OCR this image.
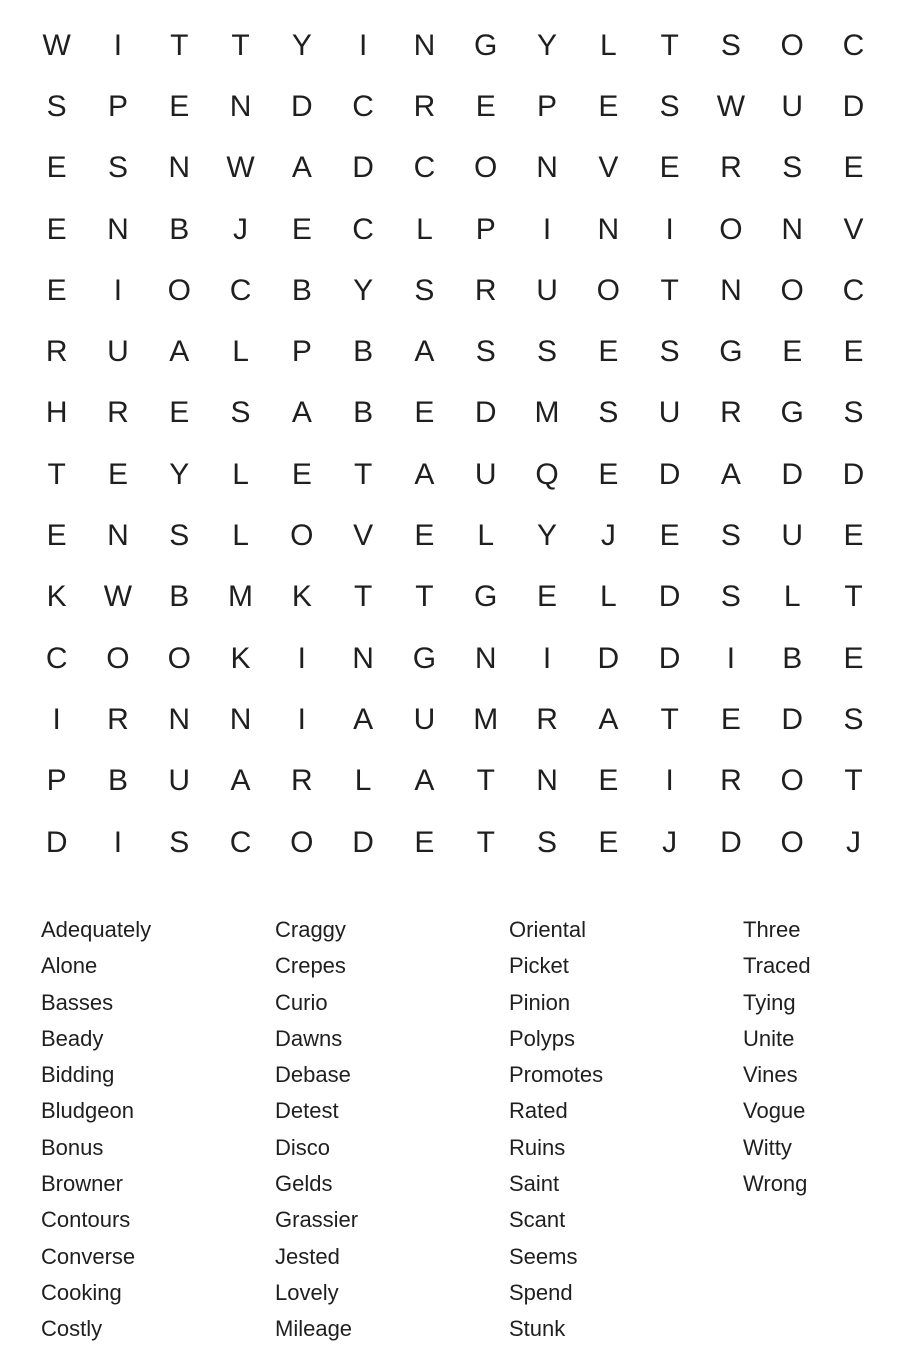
W	I	T	T	Y	I	N	G	Y	L	T	S	O	C
S	P	E	N	D	C	R	E	P	E	S	W	U	D
E	S	N	W	A	D	C	O	N	V	E	R	S	E
E	N	B	J	E	C	L	P	I	N	I	O	N	V
E	I	O	C	B	Y	S	R	U	O	T	N	O	C
R	U	A	L	P	B	A	S	S	E	S	G	E	E
H	R	E	S	A	B	E	D	M	S	U	R	G	S
T	E	Y	L	E	T	A	U	Q	E	D	A	D	D
E	N	S	L	O	V	E	L	Y	J	E	S	U	E
K	W	B	M	K	T	T	G	E	L	D	S	L	T
C	O	O	K	I	N	G	N	I	D	D	I	B	E
I	R	N	N	I	A	U	M	R	A	T	E	D	S
P	B	U	A	R	L	A	T	N	E	I	R	O	T
D	I	S	C	O	D	E	T	S	E	J	D	O	J
Adequately
Alone
Basses
Beady
Bidding
Bludgeon
Bonus
Browner
Contours
Converse
Cooking
Costly
Craggy
Crepes
Curio
Dawns
Debase
Detest
Disco
Gelds
Grassier
Jested
Lovely
Mileage
Oriental
Picket
Pinion
Polyps
Promotes
Rated
Ruins
Saint
Scant
Seems
Spend
Stunk
Three
Traced
Tying
Unite
Vines
Vogue
Witty
Wrong
